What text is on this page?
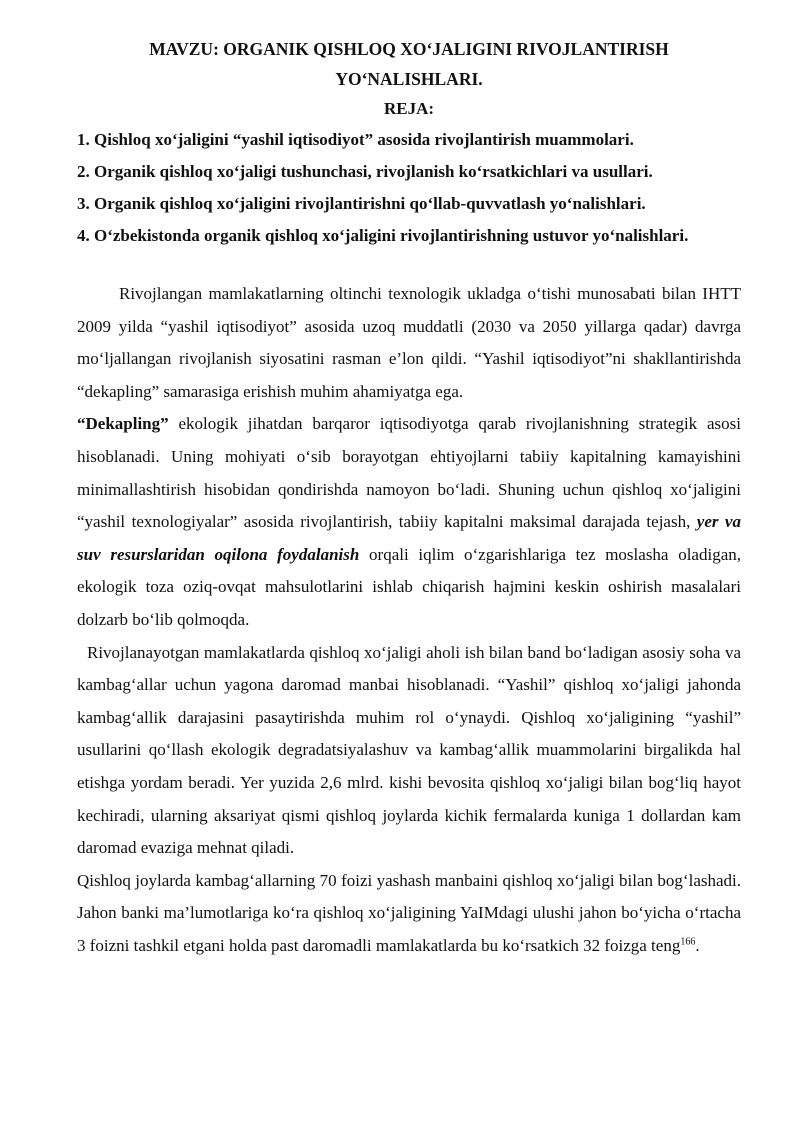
MAVZU: ORGANIK QISHLOQ XO‘JALIGINI RIVOJLANTIRISH
YO‘NALISHLARI.

REJA:

1. Qishloq xo‘jaligini “yashil iqtisodiyot” asosida rivojlantirish muammolari.
2. Organik qishloq xo‘jaligi tushunchasi, rivojlanish ko‘rsatkichlari va usullari.
3. Organik qishloq xo‘jaligini rivojlantirishni qo‘llab-quvvatlash yo‘nalishlari.
4. O‘zbekistonda organik qishloq xo‘jaligini rivojlantirishning ustuvor yo‘nalishlari.

Rivojlangan mamlakatlarning oltinchi texnologik ukladga o‘tishi munosabati bilan IHTT 2009 yilda “yashil iqtisodiyot” asosida uzoq muddatli (2030 va 2050 yillarga qadar) davrga mo‘ljallangan rivojlanish siyosatini rasman e’lon qildi. “Yashil iqtisodiyot”ni shakllantirishda “dekapling” samarasiga erishish muhim ahamiyatga ega.

“Dekapling” ekologik jihatdan barqaror iqtisodiyotga qarab rivojlanishning strategik asosi hisoblanadi. Uning mohiyati o‘sib borayotgan ehtiyojlarni tabiiy kapitalning kamayishini minimallashtirish hisobidan qondirishda namoyon bo‘ladi. Shuning uchun qishloq xo‘jaligini “yashil texnologiyalar” asosida rivojlantirish, tabiiy kapitalni maksimal darajada tejash, yer va suv resurslaridan oqilona foydalanish orqali iqlim o‘zgarishlariga tez moslasha oladigan, ekologik toza oziq-ovqat mahsulotlarini ishlab chiqarish hajmini keskin oshirish masalalari dolzarb bo‘lib qolmoqda.

Rivojlanayotgan mamlakatlarda qishloq xo‘jaligi aholi ish bilan band bo‘ladigan asosiy soha va kambag‘allar uchun yagona daromad manbai hisoblanadi. “Yashil” qishloq xo‘jaligi jahonda kambag‘allik darajasini pasaytirishda muhim rol o‘ynaydi. Qishloq xo‘jaligining “yashil” usullarini qo‘llash ekologik degradatsiyalashuv va kambag‘allik muammolarini birgalikda hal etishga yordam beradi. Yer yuzida 2,6 mlrd. kishi bevosita qishloq xo‘jaligi bilan bog‘liq hayot kechiradi, ularning aksariyat qismi qishloq joylarda kichik fermalarda kuniga 1 dollardan kam daromad evaziga mehnat qiladi.

Qishloq joylarda kambag‘allarning 70 foizi yashash manbaini qishloq xo‘jaligi bilan bog‘lashadi. Jahon banki ma’lumotlariga ko‘ra qishloq xo‘jaligining YaIMdagi ulushi jahon bo‘yicha o‘rtacha 3 foizni tashkil etgani holda past daromadli mamlakatlarda bu ko‘rsatkich 32 foizga teng$^{166}$.
